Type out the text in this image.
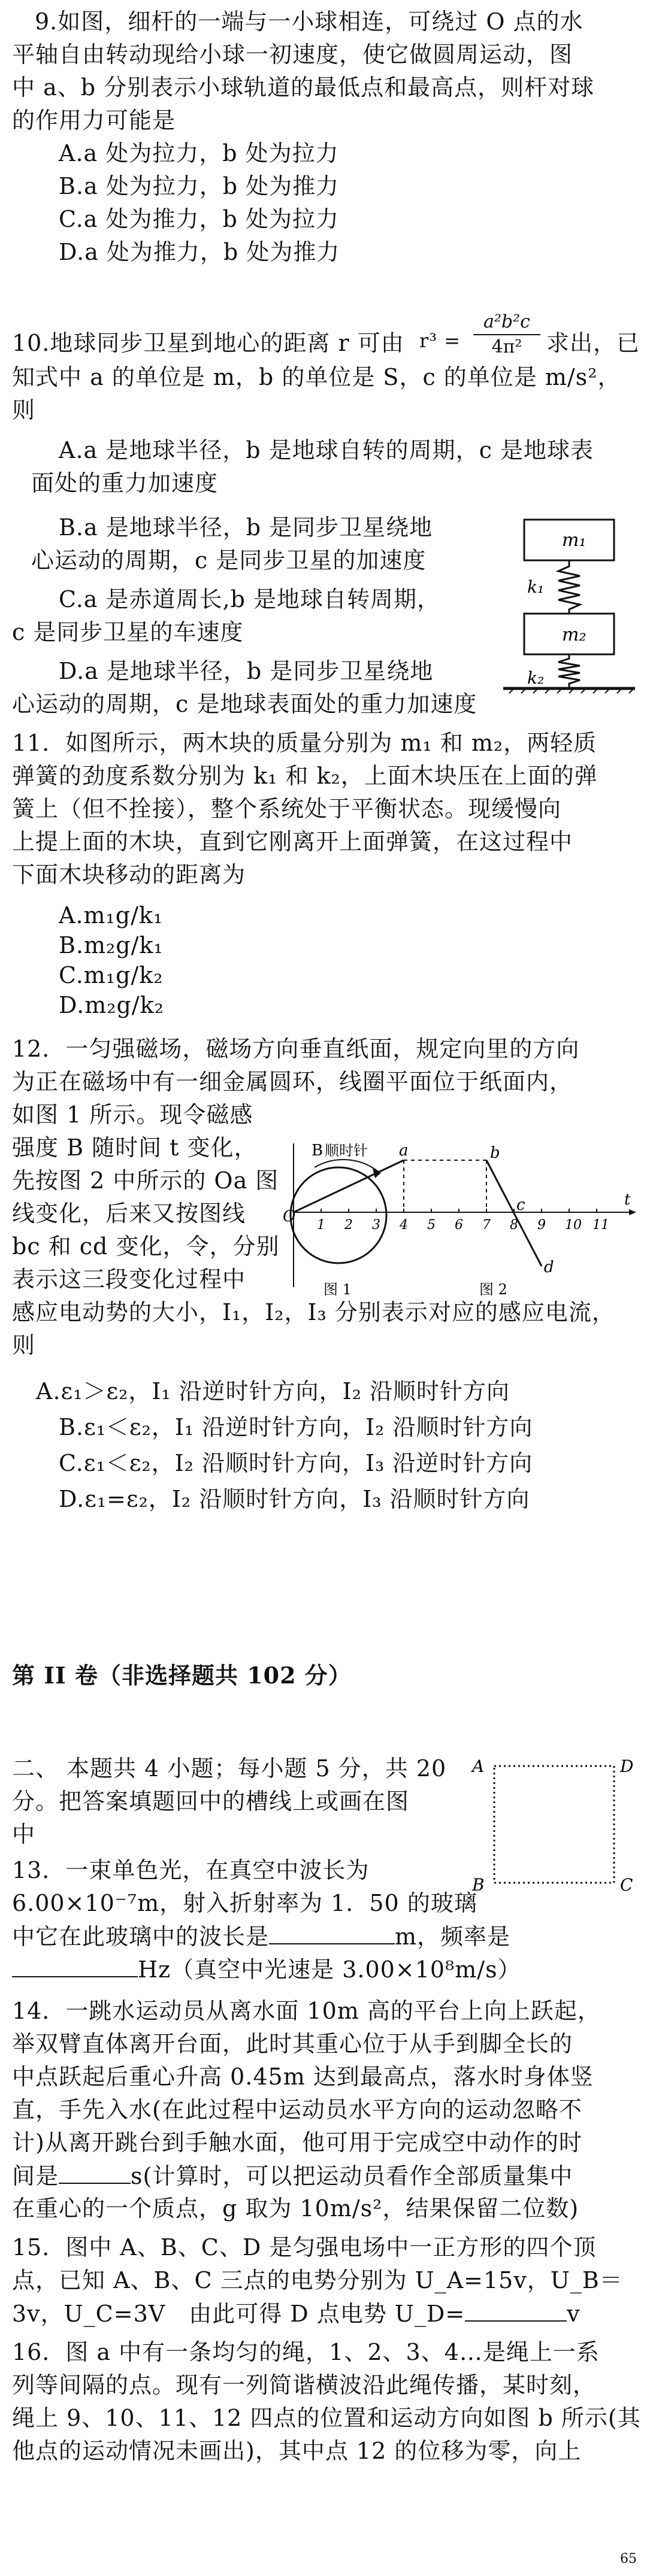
9.如图，细杆的一端与一小球相连，可绕过 O 点的水
平轴自由转动现给小球一初速度，使它做圆周运动，图
中 a、b 分别表示小球轨道的最低点和最高点，则杆对球
的作用力可能是
A.a 处为拉力，b 处为拉力
B.a 处为拉力，b 处为推力
C.a 处为推力，b 处为拉力
D.a 处为推力，b 处为推力
10.地球同步卫星到地心的距离 r 可由 r³ =
a²b²c
4π²	求出，已
知式中 a 的单位是 m，b 的单位是 S，c 的单位是 m/s²，
则
A.a 是地球半径，b 是地球自转的周期，c 是地球表
面处的重力加速度
B.a 是地球半径，b 是同步卫星绕地
心运动的周期，c 是同步卫星的加速度
C.a 是赤道周长,b 是地球自转周期，
c 是同步卫星的车速度
D.a 是地球半径，b 是同步卫星绕地
心运动的周期，c 是地球表面处的重力加速度
m₁
k₁
m₂
k₂
11．如图所示，两木块的质量分别为 m₁ 和 m₂，两轻质
弹簧的劲度系数分别为 k₁ 和 k₂，上面木块压在上面的弹
簧上（但不拴接），整个系统处于平衡状态。现缓慢向
上提上面的木块，直到它刚离开上面弹簧，在这过程中
下面木块移动的距离为
A.m₁g/k₁
B.m₂g/k₁
C.m₁g/k₂
D.m₂g/k₂
12．一匀强磁场，磁场方向垂直纸面，规定向里的方向
为正在磁场中有一细金属圆环，线圈平面位于纸面内，
如图 1 所示。现令磁感
强度 B 随时间 t 变化，
先按图 2 中所示的 Oa 图
线变化，后来又按图线
bc 和 cd 变化，令，分别
表示这三段变化过程中
感应电动势的大小，I₁，I₂，I₃ 分别表示对应的感应电流，
则
A.ε₁＞ε₂，I₁ 沿逆时针方向，I₂ 沿顺时针方向
B.ε₁＜ε₂，I₁ 沿逆时针方向，I₂ 沿顺时针方向
C.ε₁＜ε₂，I₂ 沿顺时针方向，I₃ 沿逆时针方向
D.ε₁=ε₂，I₂ 沿顺时针方向，I₃ 沿顺时针方向
B 顺时针
图 1
O
t
1 2 3 4 5 6 7 8 9 10 11
a	b
c
d
图 2
第 II 卷（非选择题共 102 分）
二、 本题共 4 小题；每小题 5 分，共 20
分。把答案填题回中的槽线上或画在图
中
A	D
B	C
13．一束单色光，在真空中波长为
6.00×10⁻⁷m，射入折射率为 1．50 的玻璃
中它在此玻璃中的波长是	m，频率是
Hz（真空中光速是 3.00×10⁸m/s）
14．一跳水运动员从离水面 10m 高的平台上向上跃起，
举双臂直体离开台面，此时其重心位于从手到脚全长的
中点跃起后重心升高 0.45m 达到最高点，落水时身体竖
直，手先入水(在此过程中运动员水平方向的运动忽略不
计)从离开跳台到手触水面，他可用于完成空中动作的时
间是	s(计算时，可以把运动员看作全部质量集中
在重心的一个质点，g 取为 10m/s²，结果保留二位数)
15．图中 A、B、C、D 是匀强电场中一正方形的四个顶
点，已知 A、B、C 三点的电势分别为 U_A=15v，U_B＝
3v，U_C=3V　由此可得 D 点电势 U_D=	v
16．图 a 中有一条均匀的绳，1、2、3、4…是绳上一系
列等间隔的点。现有一列简谐横波沿此绳传播，某时刻，
绳上 9、10、11、12 四点的位置和运动方向如图 b 所示(其
他点的运动情况未画出)，其中点 12 的位移为零，向上
65
